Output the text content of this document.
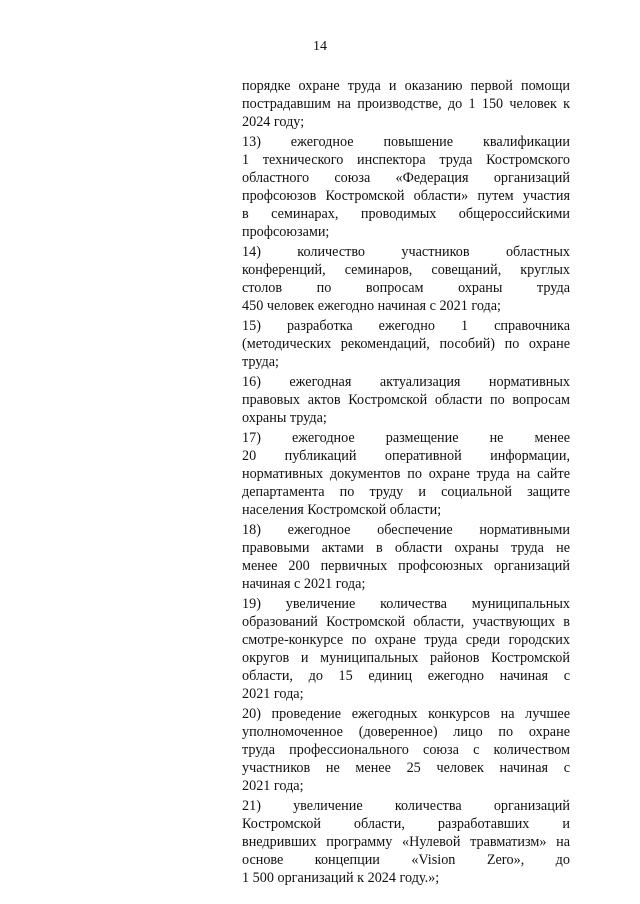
14
порядке охране труда и оказанию первой помощи
пострадавшим на производстве, до 1 150 человек к
2024 году;
13) ежегодное повышение квалификации
1 технического инспектора труда Костромского
областного союза «Федерация организаций
профсоюзов Костромской области» путем участия
в семинарах, проводимых общероссийскими
профсоюзами;
14) количество участников областных
конференций, семинаров, совещаний, круглых
столов по вопросам охраны труда
450 человек ежегодно начиная с 2021 года;
15) разработка ежегодно 1 справочника
(методических рекомендаций, пособий) по охране
труда;
16) ежегодная актуализация нормативных
правовых актов Костромской области по вопросам
охраны труда;
17) ежегодное размещение не менее
20 публикаций оперативной информации,
нормативных документов по охране труда на сайте
департамента по труду и социальной защите
населения Костромской области;
18) ежегодное обеспечение нормативными
правовыми актами в области охраны труда не
менее 200 первичных профсоюзных организаций
начиная с 2021 года;
19) увеличение количества муниципальных
образований Костромской области, участвующих в
смотре-конкурсе по охране труда среди городских
округов и муниципальных районов Костромской
области, до 15 единиц ежегодно начиная с
2021 года;
20) проведение ежегодных конкурсов на лучшее
уполномоченное (доверенное) лицо по охране
труда профессионального союза с количеством
участников не менее 25 человек начиная с
2021 года;
21) увеличение количества организаций
Костромской области, разработавших и
внедривших программу «Нулевой травматизм» на
основе концепции «Vision Zero», до
1 500 организаций к 2024 году.»;
